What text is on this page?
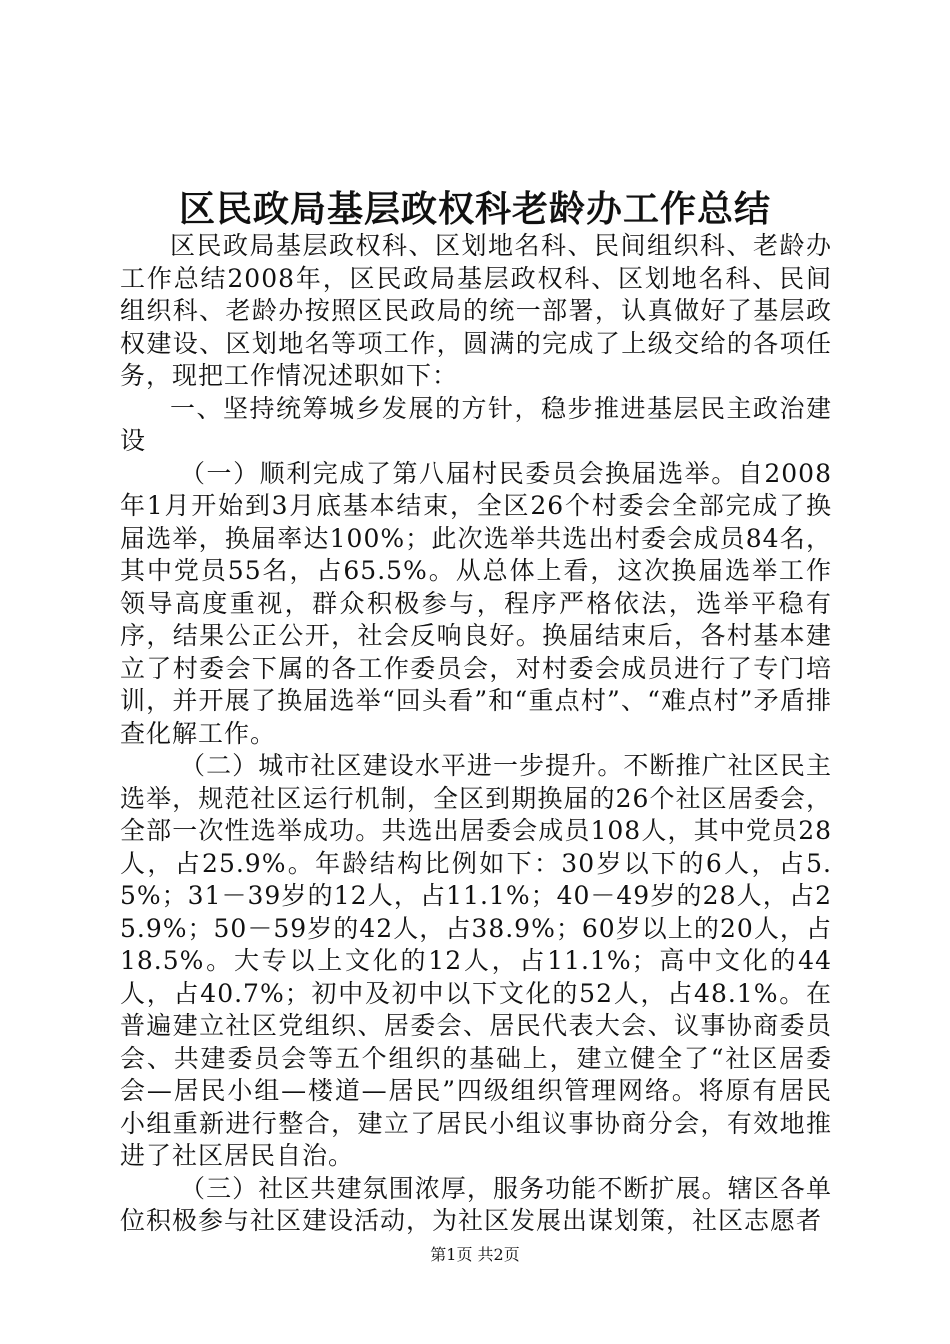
区民政局基层政权科老龄办工作总结

区民政局基层政权科、区划地名科、民间组织科、老龄办工作总结2008年，区民政局基层政权科、区划地名科、民间组织科、老龄办按照区民政局的统一部署，认真做好了基层政权建设、区划地名等项工作，圆满的完成了上级交给的各项任务，现把工作情况述职如下：

一、坚持统筹城乡发展的方针，稳步推进基层民主政治建设

（一）顺利完成了第八届村民委员会换届选举。自2008年1月开始到3月底基本结束，全区26个村委会全部完成了换届选举，换届率达100%；此次选举共选出村委会成员84名，其中党员55名，占65.5%。从总体上看，这次换届选举工作领导高度重视，群众积极参与，程序严格依法，选举平稳有序，结果公正公开，社会反响良好。换届结束后，各村基本建立了村委会下属的各工作委员会，对村委会成员进行了专门培训，并开展了换届选举“回头看”和“重点村”、“难点村”矛盾排查化解工作。

（二）城市社区建设水平进一步提升。不断推广社区民主选举，规范社区运行机制，全区到期换届的26个社区居委会，全部一次性选举成功。共选出居委会成员108人，其中党员28人，占25.9%。年龄结构比例如下：30岁以下的6人，占5.5%；31－39岁的12人，占11.1%；40－49岁的28人，占25.9%；50－59岁的42人，占38.9%；60岁以上的20人，占18.5%。大专以上文化的12人，占11.1%；高中文化的44人，占40.7%；初中及初中以下文化的52人，占48.1%。在普遍建立社区党组织、居委会、居民代表大会、议事协商委员会、共建委员会等五个组织的基础上，建立健全了“社区居委会—居民小组—楼道—居民”四级组织管理网络。将原有居民小组重新进行整合，建立了居民小组议事协商分会，有效地推进了社区居民自治。

（三）社区共建氛围浓厚，服务功能不断扩展。辖区各单位积极参与社区建设活动，为社区发展出谋划策，社区志愿者

第1页 共2页
